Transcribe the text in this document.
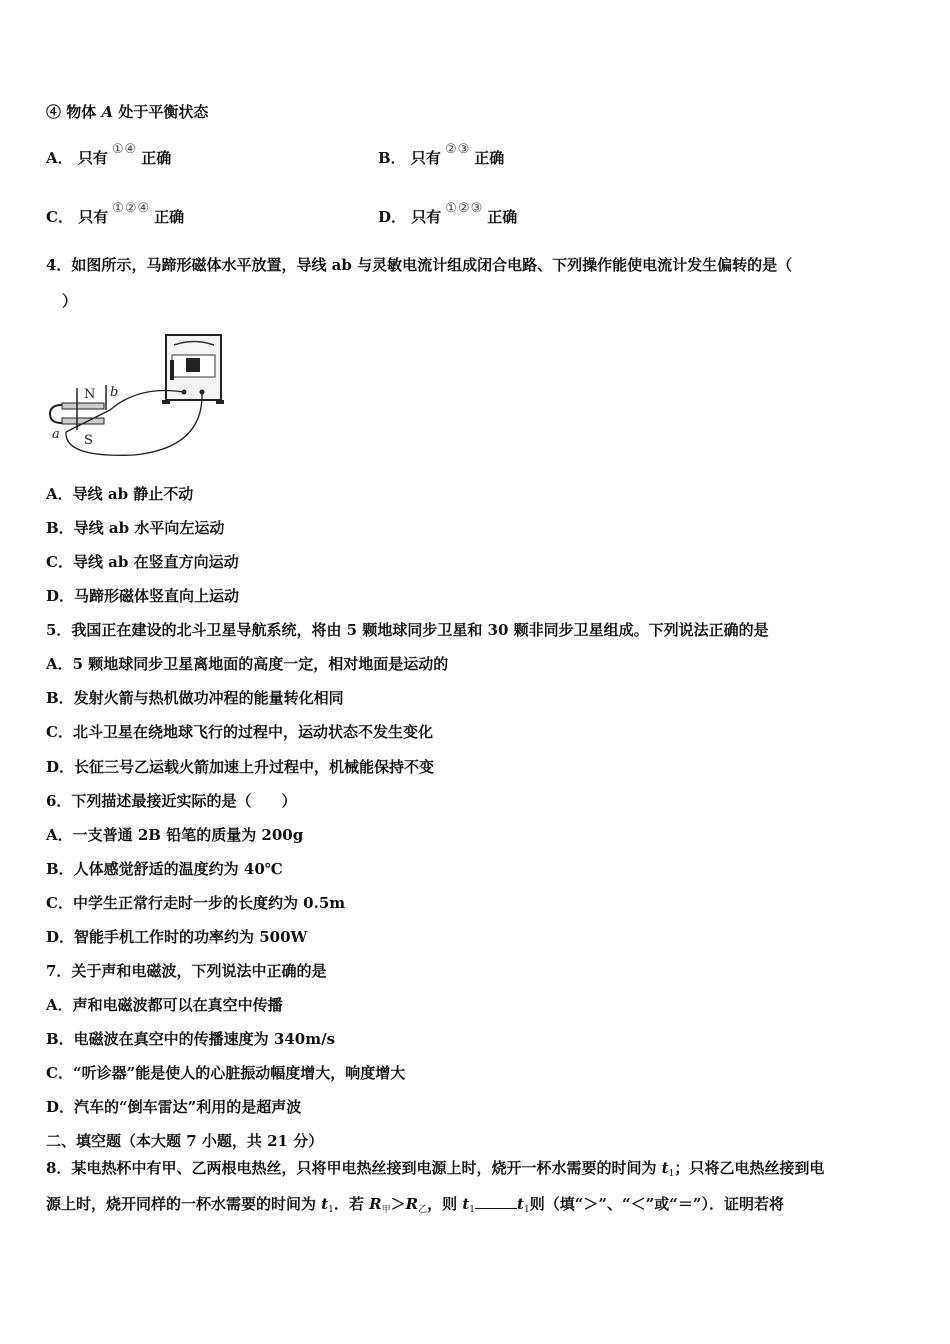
④ 物体 A 处于平衡状态
A． 只有 ①④ 正确	B． 只有 ②③ 正确
C． 只有 ①②④ 正确	D． 只有 ①②③ 正确
4．如图所示，马蹄形磁体水平放置，导线 ab 与灵敏电流计组成闭合电路、下列操作能使电流计发生偏转的是（
）
N
S
b
a
A．导线 ab 静止不动
B．导线 ab 水平向左运动
C．导线 ab 在竖直方向运动
D．马蹄形磁体竖直向上运动
5．我国正在建设的北斗卫星导航系统，将由 5 颗地球同步卫星和 30 颗非同步卫星组成。下列说法正确的是
A．5 颗地球同步卫星离地面的高度一定，相对地面是运动的
B．发射火箭与热机做功冲程的能量转化相同
C．北斗卫星在绕地球飞行的过程中，运动状态不发生变化
D．长征三号乙运载火箭加速上升过程中，机械能保持不变
6．下列描述最接近实际的是（　　）
A．一支普通 2B 铅笔的质量为 200g
B．人体感觉舒适的温度约为 40℃
C．中学生正常行走时一步的长度约为 0.5m
D．智能手机工作时的功率约为 500W
7．关于声和电磁波，下列说法中正确的是
A．声和电磁波都可以在真空中传播
B．电磁波在真空中的传播速度为 340m/s
C．“听诊器”能是使人的心脏振动幅度增大，响度增大
D．汽车的“倒车雷达”利用的是超声波
二、填空题（本大题 7 小题，共 21 分）
8．某电热杯中有甲、乙两根电热丝，只将甲电热丝接到电源上时，烧开一杯水需要的时间为 $t_1$；只将乙电热丝接到电
源上时，烧开同样的一杯水需要的时间为 $t_1$．若 $R_甲>R_乙$，则 $t_1$	$t_1$则（填“＞”、“＜”或“＝”）．证明若将
